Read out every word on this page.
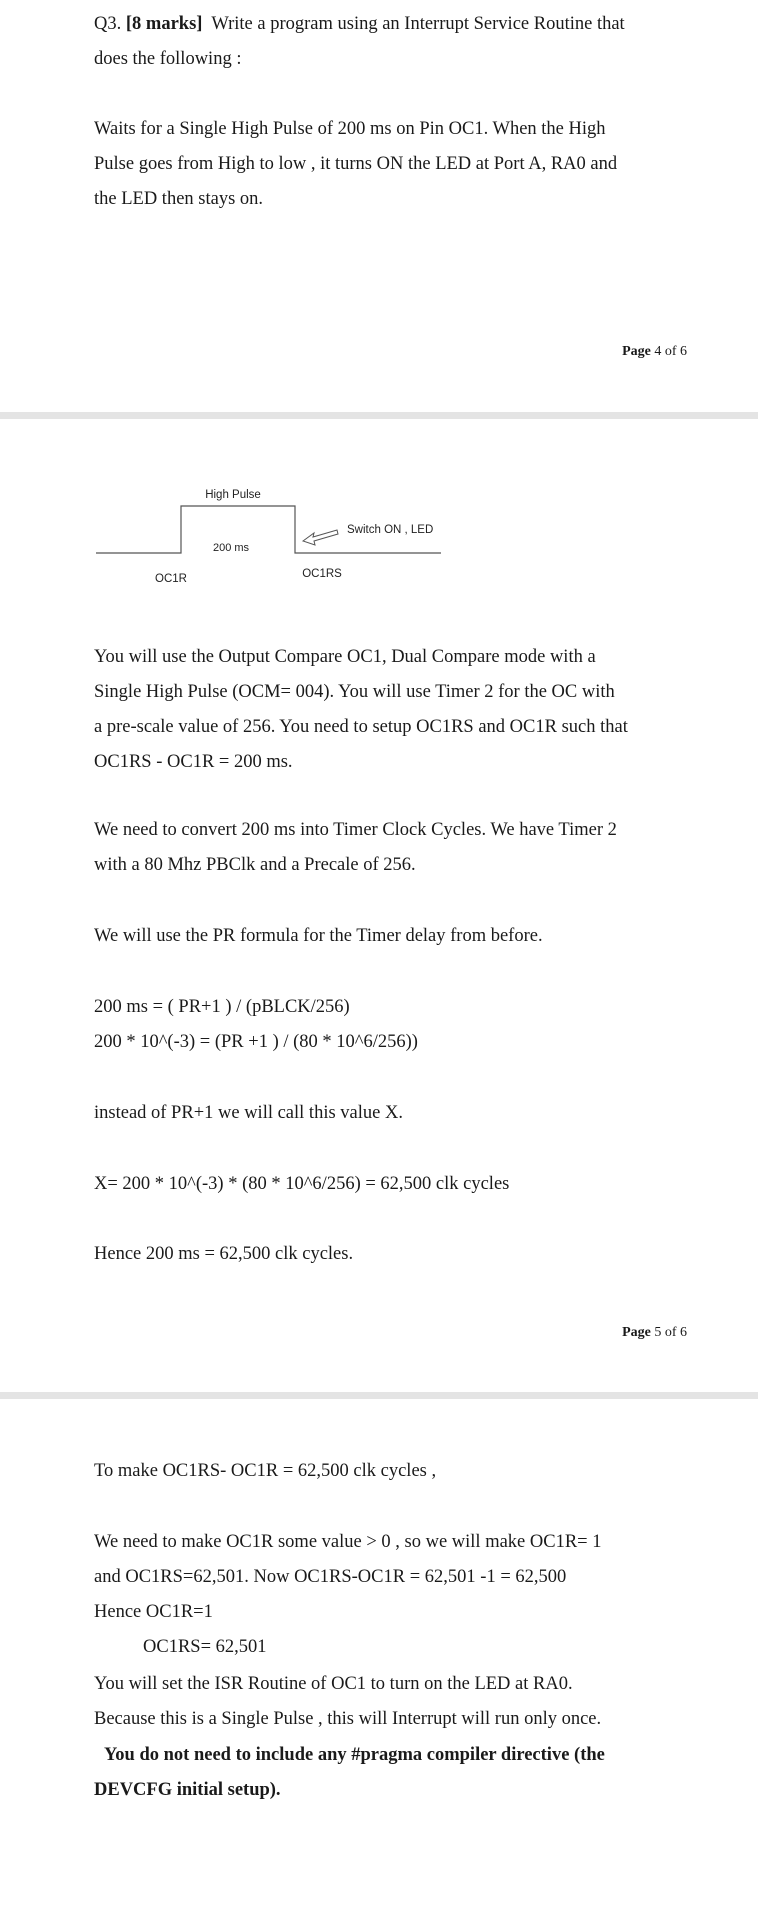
Q3. [8 marks] Write a program using an Interrupt Service Routine that
does the following :

Waits for a Single High Pulse of 200 ms on Pin OC1. When the High
Pulse goes from High to low , it turns ON the LED at Port A, RA0 and
the LED then stays on.

Page 4 of 6
High Pulse
200 ms
Switch ON , LED
OC1R	OC1RS

You will use the Output Compare OC1, Dual Compare mode with a
Single High Pulse (OCM= 004). You will use Timer 2 for the OC with
a pre-scale value of 256. You need to setup OC1RS and OC1R such that
OC1RS - OC1R = 200 ms.

We need to convert 200 ms into Timer Clock Cycles. We have Timer 2
with a 80 Mhz PBClk and a Precale of 256.

We will use the PR formula for the Timer delay from before.

200 ms = ( PR+1 ) / (pBLCK/256)
200 * 10^(-3) = (PR +1 ) / (80 * 10^6/256))

instead of PR+1 we will call this value X.

X= 200 * 10^(-3) * (80 * 10^6/256) = 62,500 clk cycles

Hence 200 ms = 62,500 clk cycles.

Page 5 of 6

To make OC1RS- OC1R = 62,500 clk cycles ,

We need to make OC1R some value > 0 , so we will make OC1R= 1
and OC1RS=62,501. Now OC1RS-OC1R = 62,501 -1 = 62,500
Hence OC1R=1
OC1RS= 62,501

You will set the ISR Routine of OC1 to turn on the LED at RA0.
Because this is a Single Pulse , this will Interrupt will run only once.

You do not need to include any #pragma compiler directive (the
DEVCFG initial setup).
